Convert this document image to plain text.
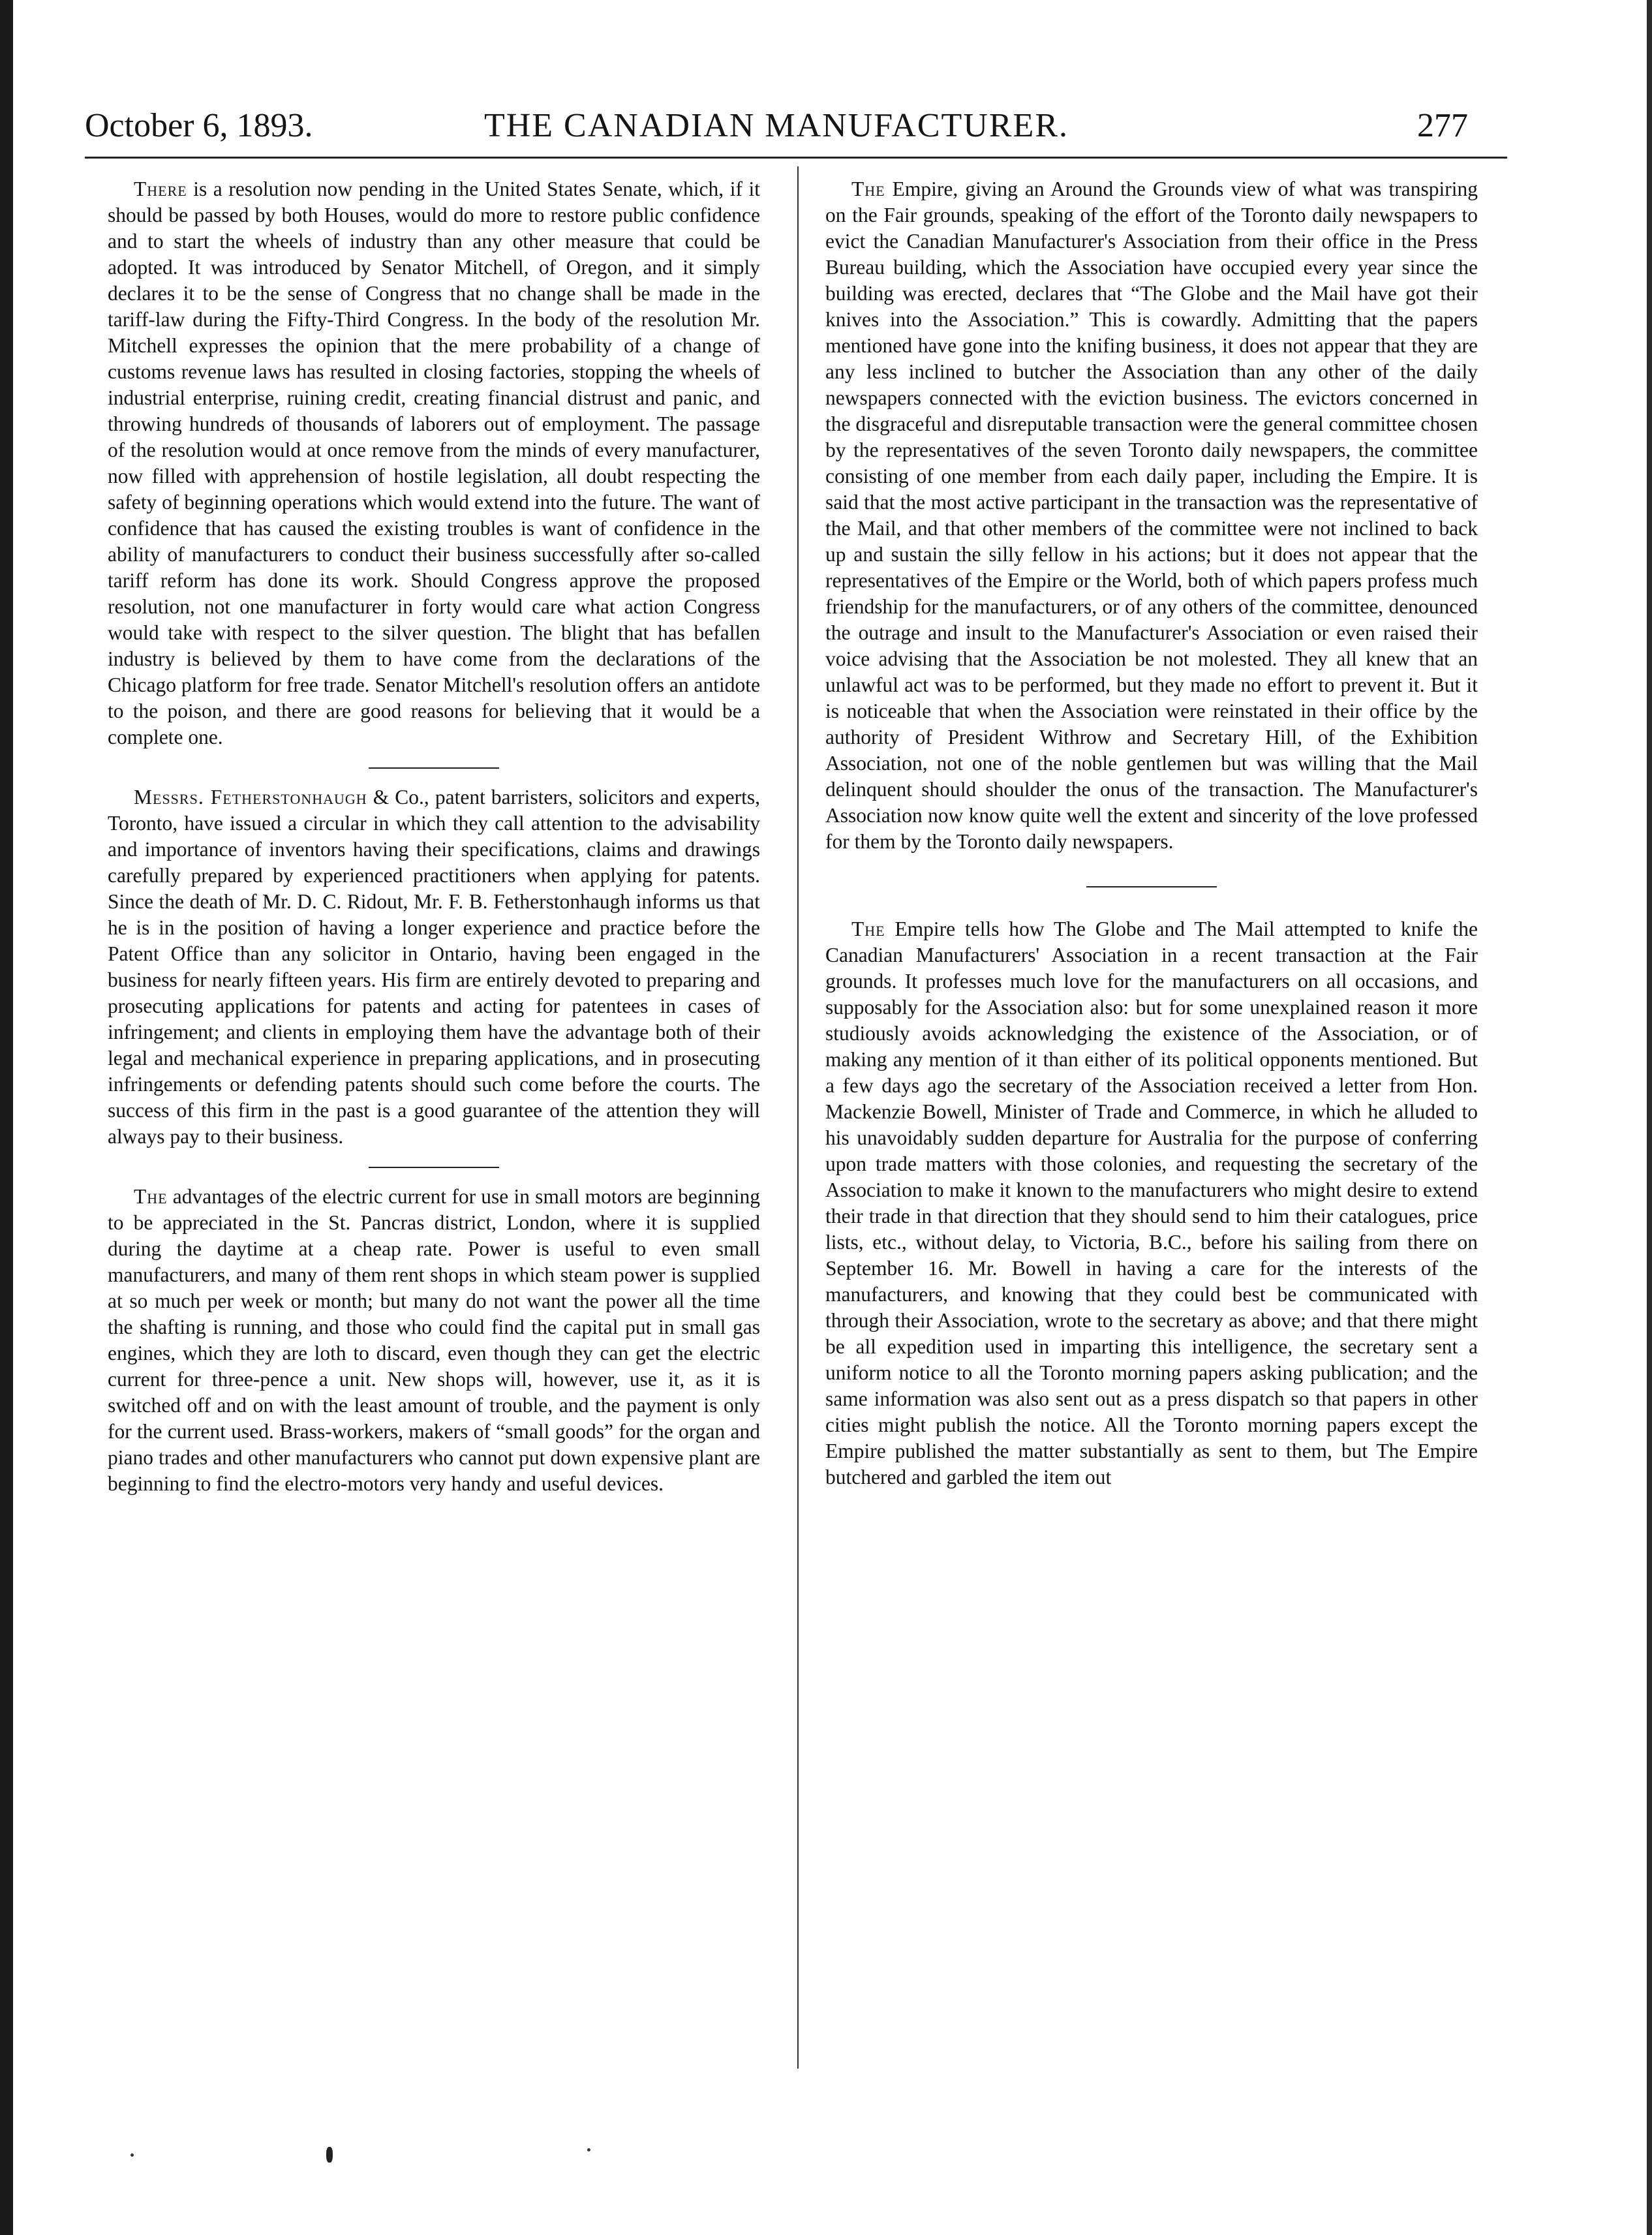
October 6, 1893.	THE CANADIAN MANUFACTURER.	277

There is a resolution now pending in the United States Senate, which, if it should be passed by both Houses, would do more to restore public confidence and to start the wheels of industry than any other measure that could be adopted. It was introduced by Senator Mitchell, of Oregon, and it simply declares it to be the sense of Congress that no change shall be made in the tariff-law during the Fifty-Third Congress. In the body of the resolution Mr. Mitchell expresses the opinion that the mere probability of a change of customs revenue laws has resulted in closing factories, stopping the wheels of industrial enterprise, ruining credit, creating financial distrust and panic, and throwing hundreds of thousands of laborers out of employment. The passage of the resolution would at once remove from the minds of every manufacturer, now filled with apprehension of hostile legislation, all doubt respecting the safety of beginning operations which would extend into the future. The want of confidence that has caused the existing troubles is want of confidence in the ability of manufacturers to conduct their business successfully after so-called tariff reform has done its work. Should Congress approve the proposed resolution, not one manufacturer in forty would care what action Congress would take with respect to the silver question. The blight that has befallen industry is believed by them to have come from the declarations of the Chicago platform for free trade. Senator Mitchell's resolution offers an antidote to the poison, and there are good reasons for believing that it would be a complete one.

Messrs. Fetherstonhaugh & Co., patent barristers, solicitors and experts, Toronto, have issued a circular in which they call attention to the advisability and importance of inventors having their specifications, claims and drawings carefully prepared by experienced practitioners when applying for patents. Since the death of Mr. D. C. Ridout, Mr. F. B. Fetherstonhaugh informs us that he is in the position of having a longer experience and practice before the Patent Office than any solicitor in Ontario, having been engaged in the business for nearly fifteen years. His firm are entirely devoted to preparing and prosecuting applications for patents and acting for patentees in cases of infringement; and clients in employing them have the advantage both of their legal and mechanical experience in preparing applications, and in prosecuting infringements or defending patents should such come before the courts. The success of this firm in the past is a good guarantee of the attention they will always pay to their business.

The advantages of the electric current for use in small motors are beginning to be appreciated in the St. Pancras district, London, where it is supplied during the daytime at a cheap rate. Power is useful to even small manufacturers, and many of them rent shops in which steam power is supplied at so much per week or month; but many do not want the power all the time the shafting is running, and those who could find the capital put in small gas engines, which they are loth to discard, even though they can get the electric current for three-pence a unit. New shops will, however, use it, as it is switched off and on with the least amount of trouble, and the payment is only for the current used. Brass-workers, makers of “small goods” for the organ and piano trades and other manufacturers who cannot put down expensive plant are beginning to find the electro-motors very handy and useful devices.

The Empire, giving an Around the Grounds view of what was transpiring on the Fair grounds, speaking of the effort of the Toronto daily newspapers to evict the Canadian Manufacturer's Association from their office in the Press Bureau building, which the Association have occupied every year since the building was erected, declares that “The Globe and the Mail have got their knives into the Association.” This is cowardly. Admitting that the papers mentioned have gone into the knifing business, it does not appear that they are any less inclined to butcher the Association than any other of the daily newspapers connected with the eviction business. The evictors concerned in the disgraceful and disreputable transaction were the general committee chosen by the representatives of the seven Toronto daily newspapers, the committee consisting of one member from each daily paper, including the Empire. It is said that the most active participant in the transaction was the representative of the Mail, and that other members of the committee were not inclined to back up and sustain the silly fellow in his actions; but it does not appear that the representatives of the Empire or the World, both of which papers profess much friendship for the manufacturers, or of any others of the committee, denounced the outrage and insult to the Manufacturer's Association or even raised their voice advising that the Association be not molested. They all knew that an unlawful act was to be performed, but they made no effort to prevent it. But it is noticeable that when the Association were reinstated in their office by the authority of President Withrow and Secretary Hill, of the Exhibition Association, not one of the noble gentlemen but was willing that the Mail delinquent should shoulder the onus of the transaction. The Manufacturer's Association now know quite well the extent and sincerity of the love professed for them by the Toronto daily newspapers.

The Empire tells how The Globe and The Mail attempted to knife the Canadian Manufacturers' Association in a recent transaction at the Fair grounds. It professes much love for the manufacturers on all occasions, and supposably for the Association also: but for some unexplained reason it more studiously avoids acknowledging the existence of the Association, or of making any mention of it than either of its political opponents mentioned. But a few days ago the secretary of the Association received a letter from Hon. Mackenzie Bowell, Minister of Trade and Commerce, in which he alluded to his unavoidably sudden departure for Australia for the purpose of conferring upon trade matters with those colonies, and requesting the secretary of the Association to make it known to the manufacturers who might desire to extend their trade in that direction that they should send to him their catalogues, price lists, etc., without delay, to Victoria, B.C., before his sailing from there on September 16. Mr. Bowell in having a care for the interests of the manufacturers, and knowing that they could best be communicated with through their Association, wrote to the secretary as above; and that there might be all expedition used in imparting this intelligence, the secretary sent a uniform notice to all the Toronto morning papers asking publication; and the same information was also sent out as a press dispatch so that papers in other cities might publish the notice. All the Toronto morning papers except the Empire published the matter substantially as sent to them, but The Empire butchered and garbled the item out
